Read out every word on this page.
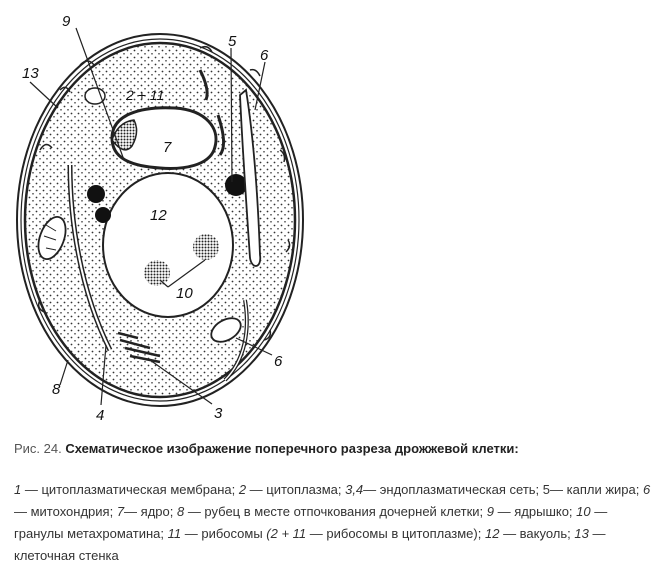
9
5
6
13
2 + 11
7
12
10
6
8
4	3
Рис. 24. Схематическое изображение поперечного разреза дрожжевой клетки:
1 — цитоплазматическая мембрана; 2 — цитоплазма; 3,4— эндоплазматическая сеть; 5— капли жира; 6 — митохондрия; 7— ядро; 8 — рубец в месте отпочкования дочерней клетки; 9 — ядрышко; 10 — гранулы метахроматина; 11 — рибосомы (2 + 11 — рибосомы в цитоплазме); 12 — вакуоль; 13 — клеточная стенка
